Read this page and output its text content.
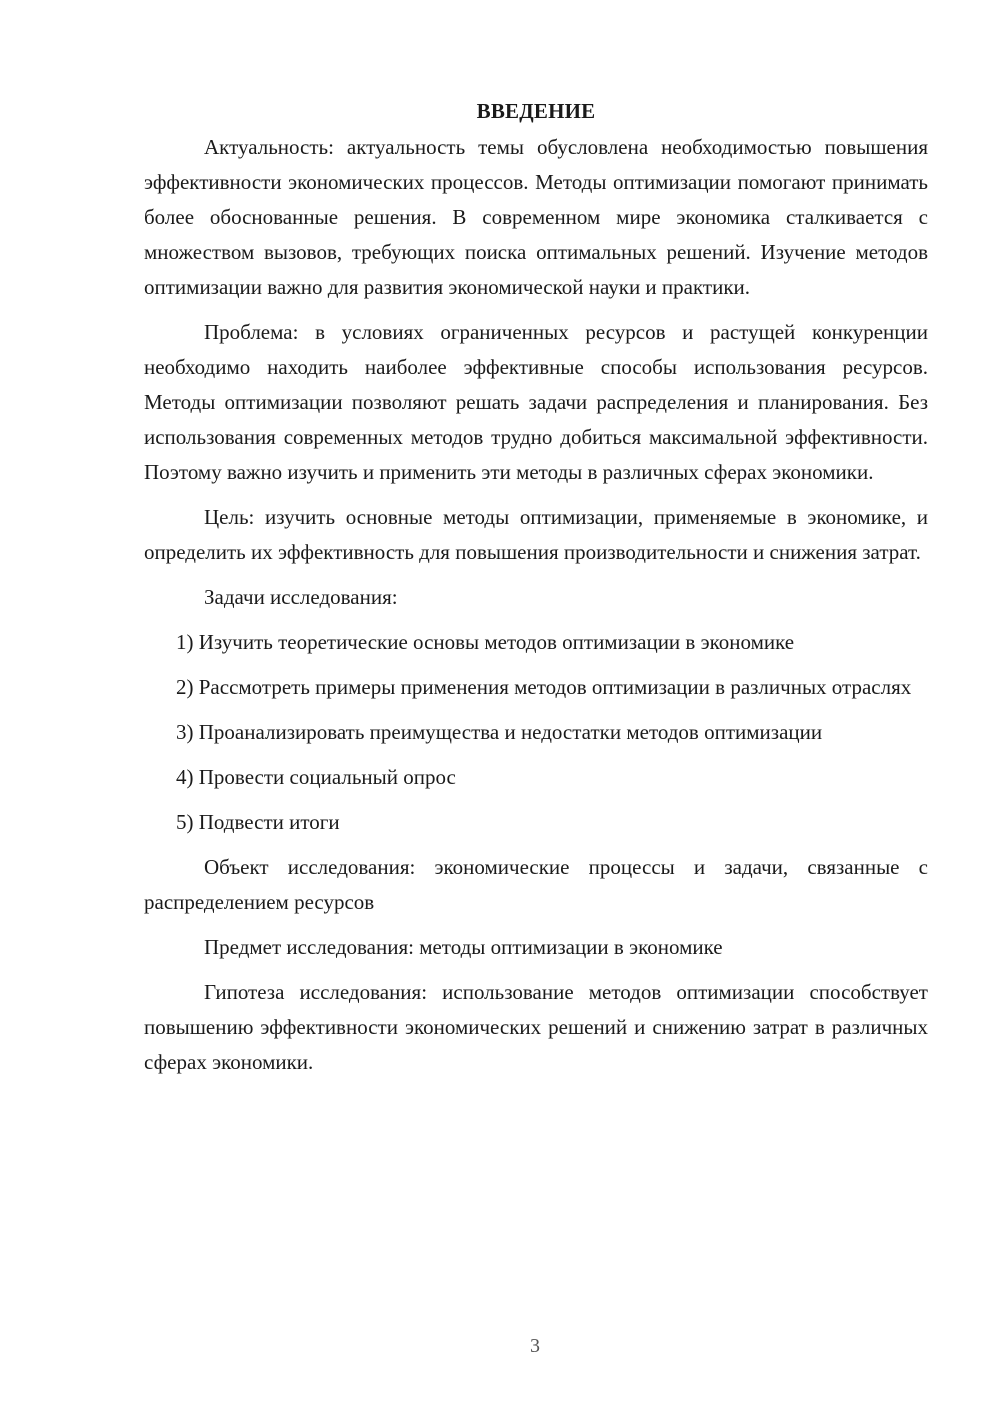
ВВЕДЕНИЕ

Актуальность: актуальность темы обусловлена необходимостью повышения эффективности экономических процессов. Методы оптимизации помогают принимать более обоснованные решения. В современном мире экономика сталкивается с множеством вызовов, требующих поиска оптимальных решений. Изучение методов оптимизации важно для развития экономической науки и практики.

Проблема: в условиях ограниченных ресурсов и растущей конкуренции необходимо находить наиболее эффективные способы использования ресурсов. Методы оптимизации позволяют решать задачи распределения и планирования. Без использования современных методов трудно добиться максимальной эффективности. Поэтому важно изучить и применить эти методы в различных сферах экономики.

Цель: изучить основные методы оптимизации, применяемые в экономике, и определить их эффективность для повышения производительности и снижения затрат.

Задачи исследования:

1) Изучить теоретические основы методов оптимизации в экономике

2) Рассмотреть примеры применения методов оптимизации в различных отраслях

3) Проанализировать преимущества и недостатки методов оптимизации

4) Провести социальный опрос

5) Подвести итоги

Объект исследования: экономические процессы и задачи, связанные с распределением ресурсов

Предмет исследования: методы оптимизации в экономике

Гипотеза исследования: использование методов оптимизации способствует повышению эффективности экономических решений и снижению затрат в различных сферах экономики.

3
